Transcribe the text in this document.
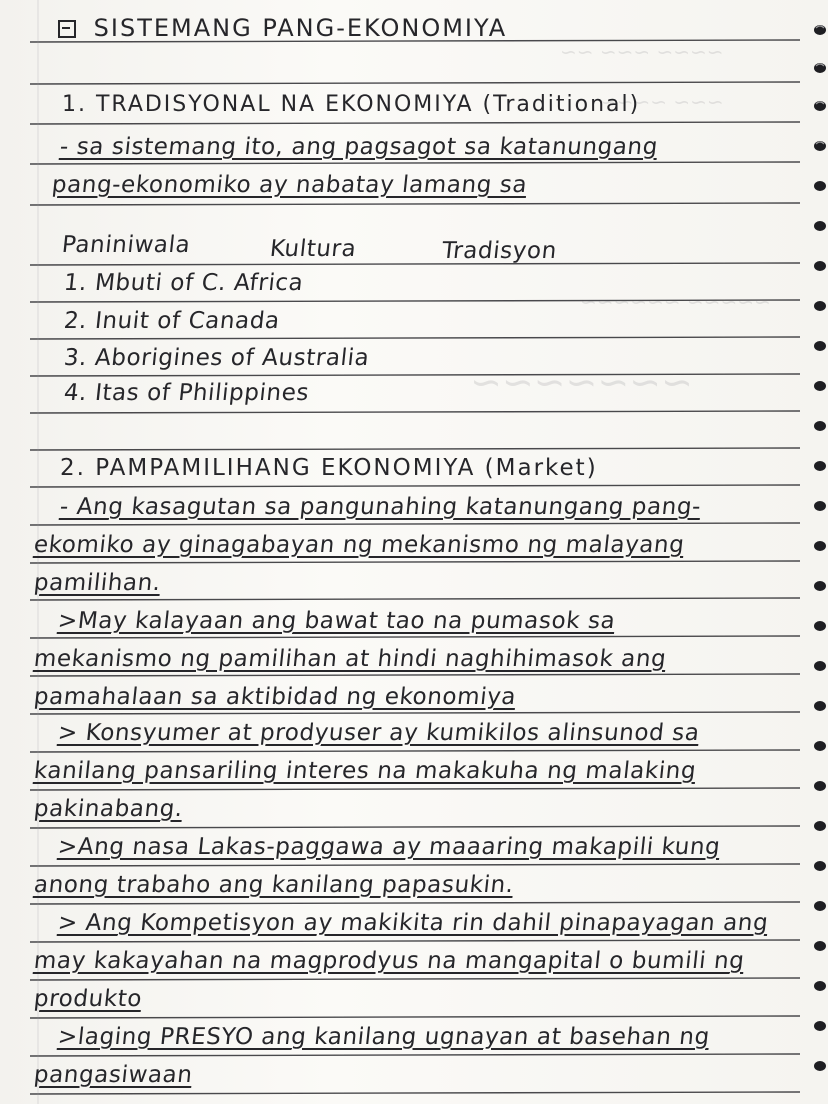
~~~~ ~~~ ~~
~~~ ~~~~
~~~~~ ~~~~~~
~~~~~~~
SISTEMANG PANG-EKONOMIYA
1. TRADISYONAL NA EKONOMIYA (Traditional)
- sa sistemang ito, ang pagsagot sa katanungang
pang-ekonomiko ay nabatay lamang sa
Paniniwala	Kultura	Tradisyon
1. Mbuti of C. Africa
2. Inuit of Canada
3. Aborigines of Australia
4. Itas of Philippines
2. PAMPAMILIHANG EKONOMIYA (Market)
- Ang kasagutan sa pangunahing katanungang pang-
ekomiko ay ginagabayan ng mekanismo ng malayang
pamilihan.
>May kalayaan ang bawat tao na pumasok sa
mekanismo ng pamilihan at hindi naghihimasok ang
pamahalaan sa aktibidad ng ekonomiya
> Konsyumer at prodyuser ay kumikilos alinsunod sa
kanilang pansariling interes na makakuha ng malaking
pakinabang.
>Ang nasa Lakas-paggawa ay maaaring makapili kung
anong trabaho ang kanilang papasukin.
> Ang Kompetisyon ay makikita rin dahil pinapayagan ang
may kakayahan na magprodyus na mangapital o bumili ng
produkto
>laging PRESYO ang kanilang ugnayan at basehan ng
pangasiwaan
